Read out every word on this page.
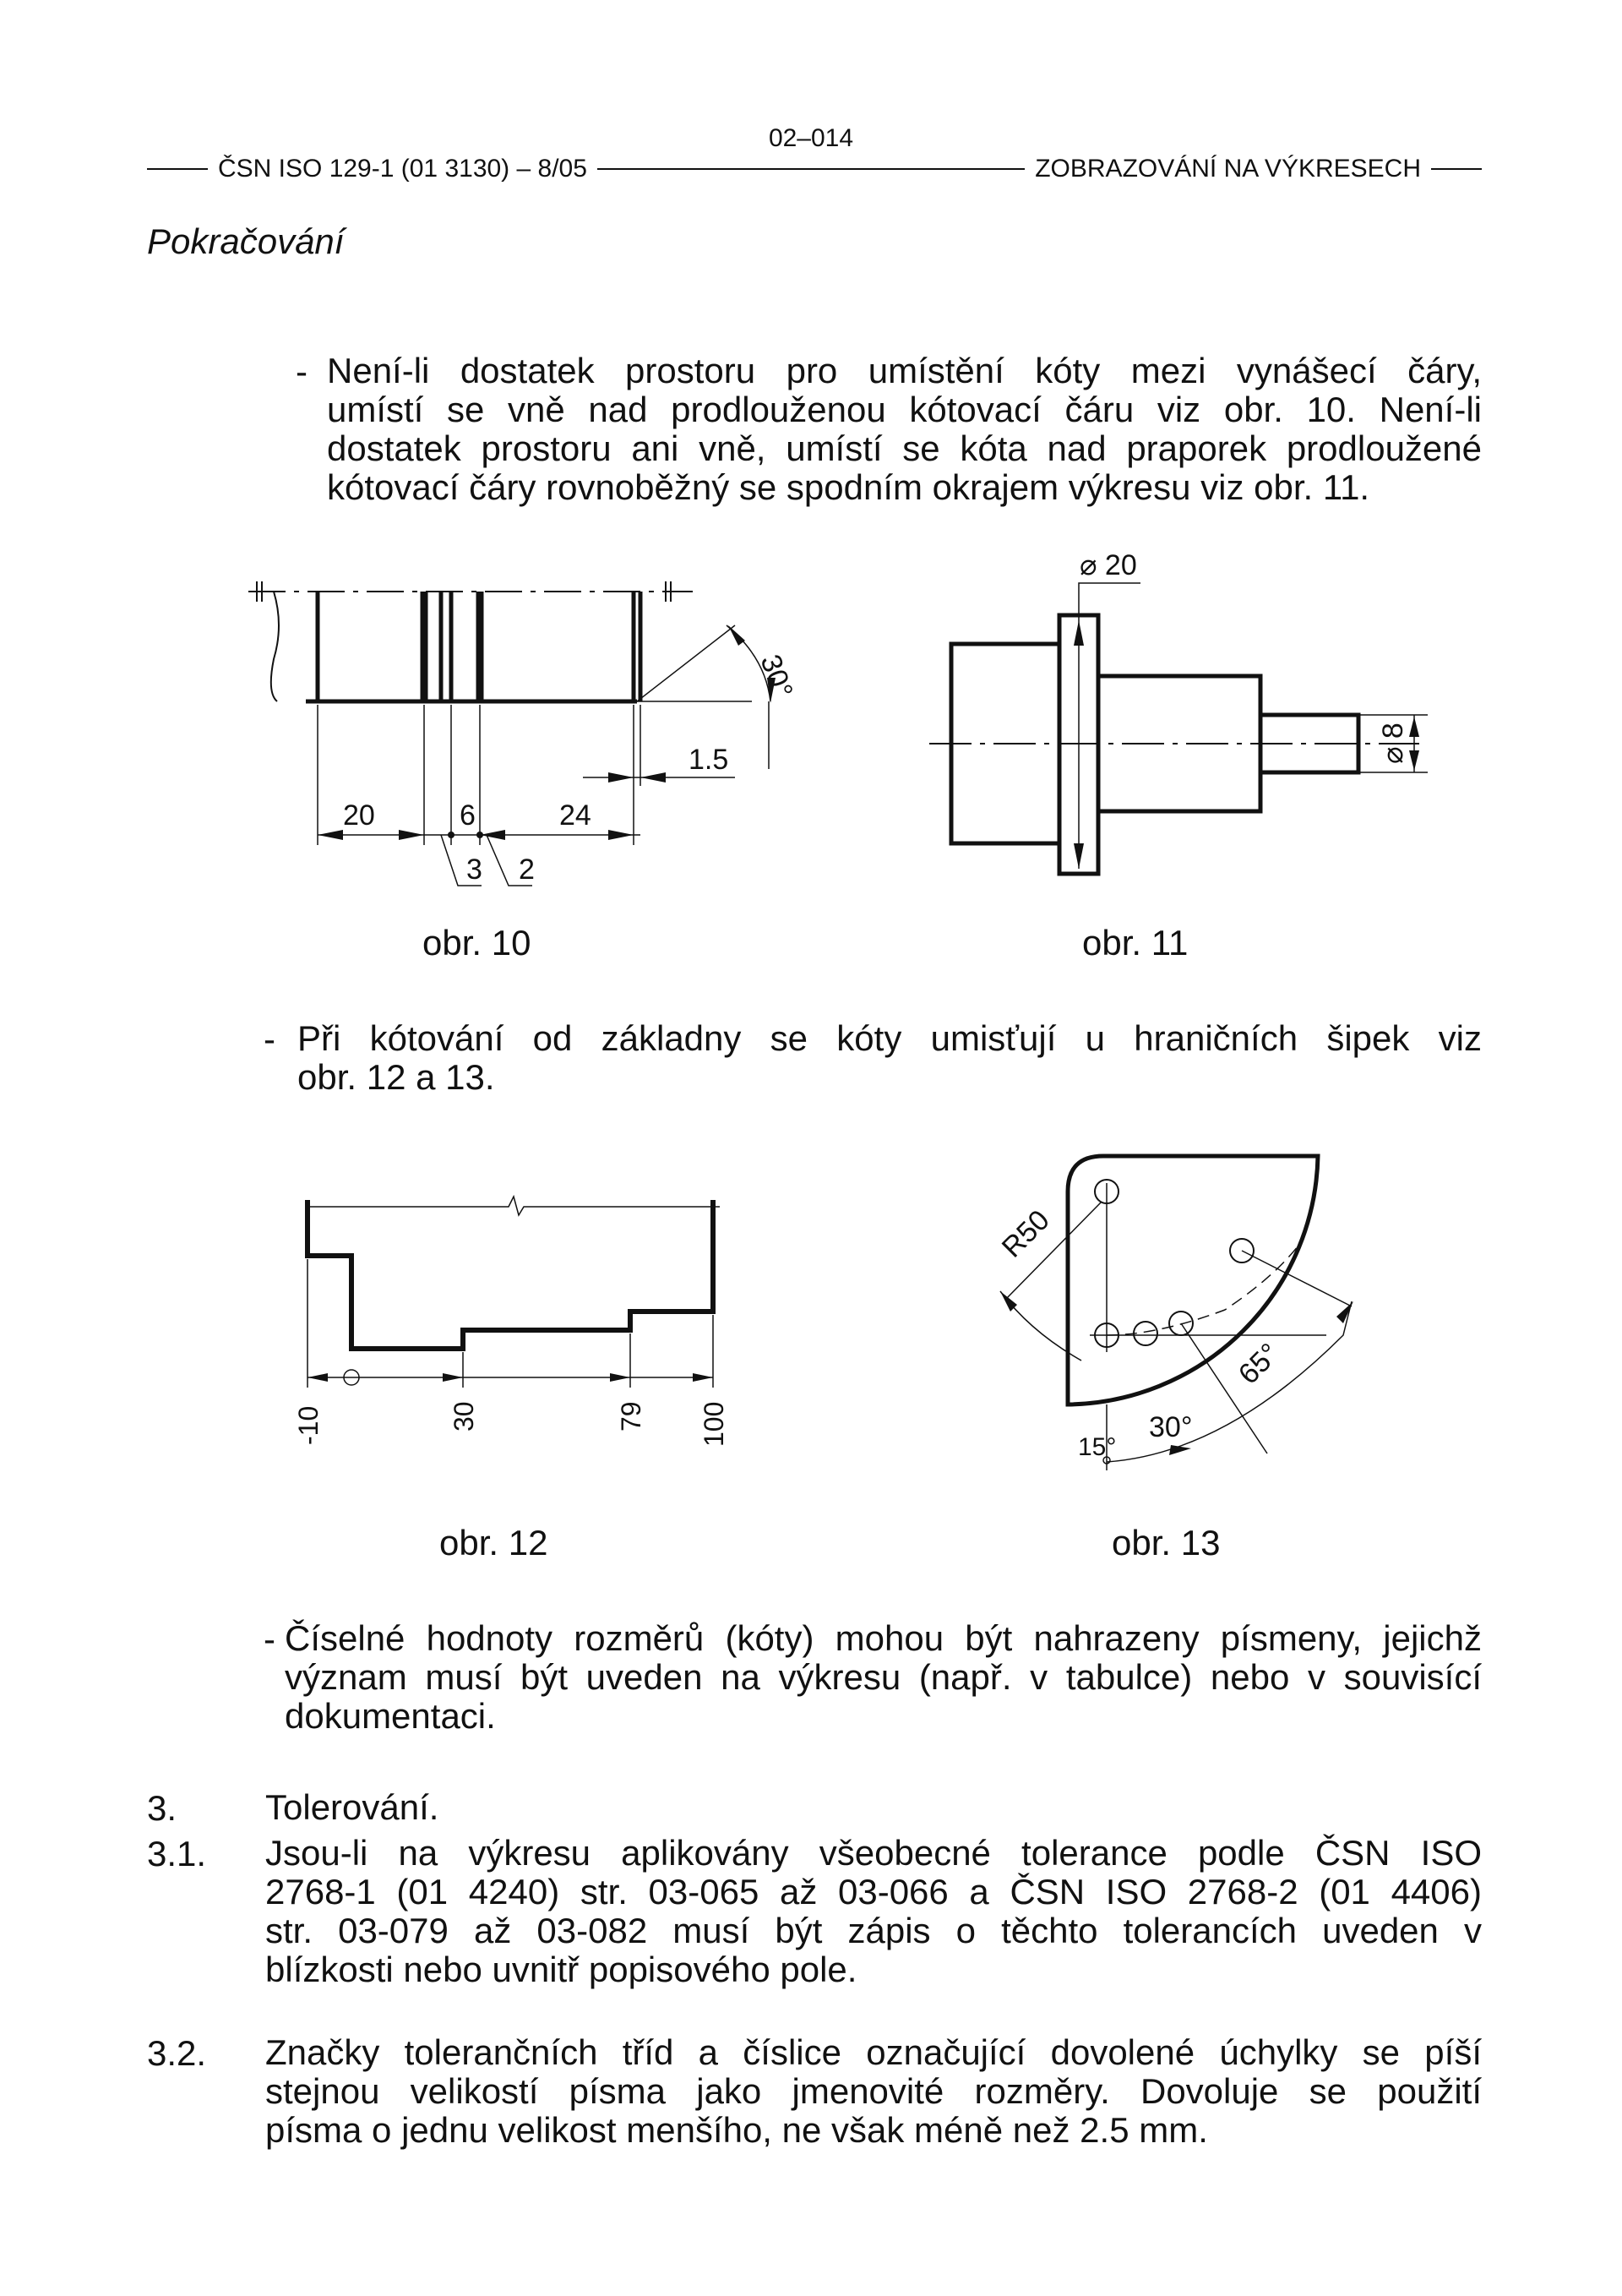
02–014
ČSN ISO 129-1 (01 3130) – 8/05	ZOBRAZOVÁNÍ NA VÝKRESECH
Pokračování
- Není-li dostatek prostoru pro umístění kóty mezi vynášecí čáry,
umístí se vně nad prodlouženou kótovací čáru viz obr. 10. Není-li
dostatek prostoru ani vně, umístí se kóta nad praporek prodloužené
kótovací čáry rovnoběžný se spodním okrajem výkresu viz obr. 11.
20	6	24
3 2
1.5
30°
⌀ 20
⌀ 8
obr. 10	obr. 11
- Při kótování od základny se kóty umisťují u hraničních šipek viz
obr. 12 a 13.
-10	30	79 100
R50
65°
30°
15°
obr. 12	obr. 13
- Číselné hodnoty rozměrů (kóty) mohou být nahrazeny písmeny, jejichž
význam musí být uveden na výkresu (např. v tabulce) nebo v souvisící
dokumentaci.
3. Tolerování.
3.1. Jsou-li na výkresu aplikovány všeobecné tolerance podle ČSN ISO
2768-1 (01 4240) str. 03-065 až 03-066 a ČSN ISO 2768-2 (01 4406)
str. 03-079 až 03-082 musí být zápis o těchto tolerancích uveden v
blízkosti nebo uvnitř popisového pole.
3.2. Značky tolerančních tříd a číslice označující dovolené úchylky se píší
stejnou velikostí písma jako jmenovité rozměry. Dovoluje se použití
písma o jednu velikost menšího, ne však méně než 2.5 mm.
